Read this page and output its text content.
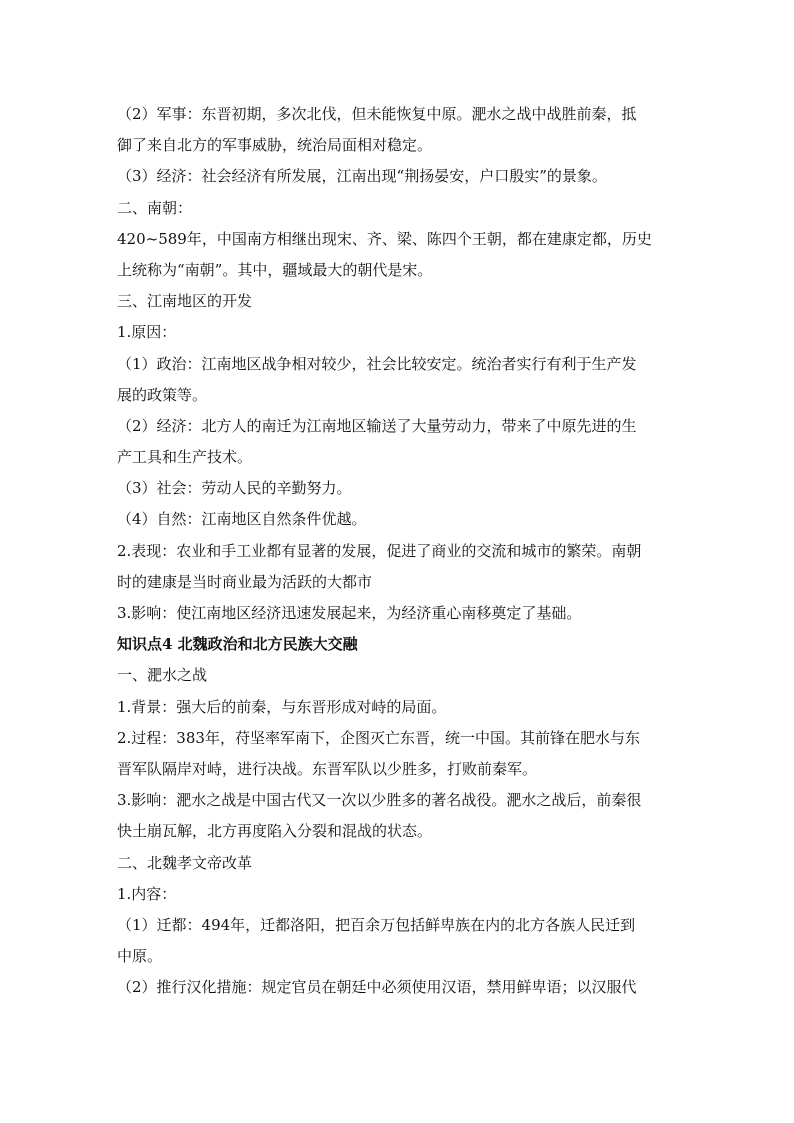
（2）军事：东晋初期，多次北伐，但未能恢复中原。淝水之战中战胜前秦，抵
御了来自北方的军事威胁，统治局面相对稳定。
（3）经济：社会经济有所发展，江南出现“荆扬晏安，户口殷实”的景象。
二、南朝：
420~589年，中国南方相继出现宋、齐、梁、陈四个王朝，都在建康定都，历史
上统称为“南朝”。其中，疆域最大的朝代是宋。
三、江南地区的开发
1.原因：
（1）政治：江南地区战争相对较少，社会比较安定。统治者实行有利于生产发
展的政策等。
（2）经济：北方人的南迁为江南地区输送了大量劳动力，带来了中原先进的生
产工具和生产技术。
（3）社会：劳动人民的辛勤努力。
（4）自然：江南地区自然条件优越。
2.表现：农业和手工业都有显著的发展，促进了商业的交流和城市的繁荣。南朝
时的建康是当时商业最为活跃的大都市
3.影响：使江南地区经济迅速发展起来，为经济重心南移奠定了基础。
知识点4 北魏政治和北方民族大交融
一、淝水之战
1.背景：强大后的前秦，与东晋形成对峙的局面。
2.过程：383年，苻坚率军南下，企图灭亡东晋，统一中国。其前锋在肥水与东
晋军队隔岸对峙，进行决战。东晋军队以少胜多，打败前秦军。
3.影响：淝水之战是中国古代又一次以少胜多的著名战役。淝水之战后，前秦很
快土崩瓦解，北方再度陷入分裂和混战的状态。
二、北魏孝文帝改革
1.内容：
（1）迁都：494年，迁都洛阳，把百余万包括鲜卑族在内的北方各族人民迁到
中原。
（2）推行汉化措施：规定官员在朝廷中必须使用汉语，禁用鲜卑语；以汉服代
